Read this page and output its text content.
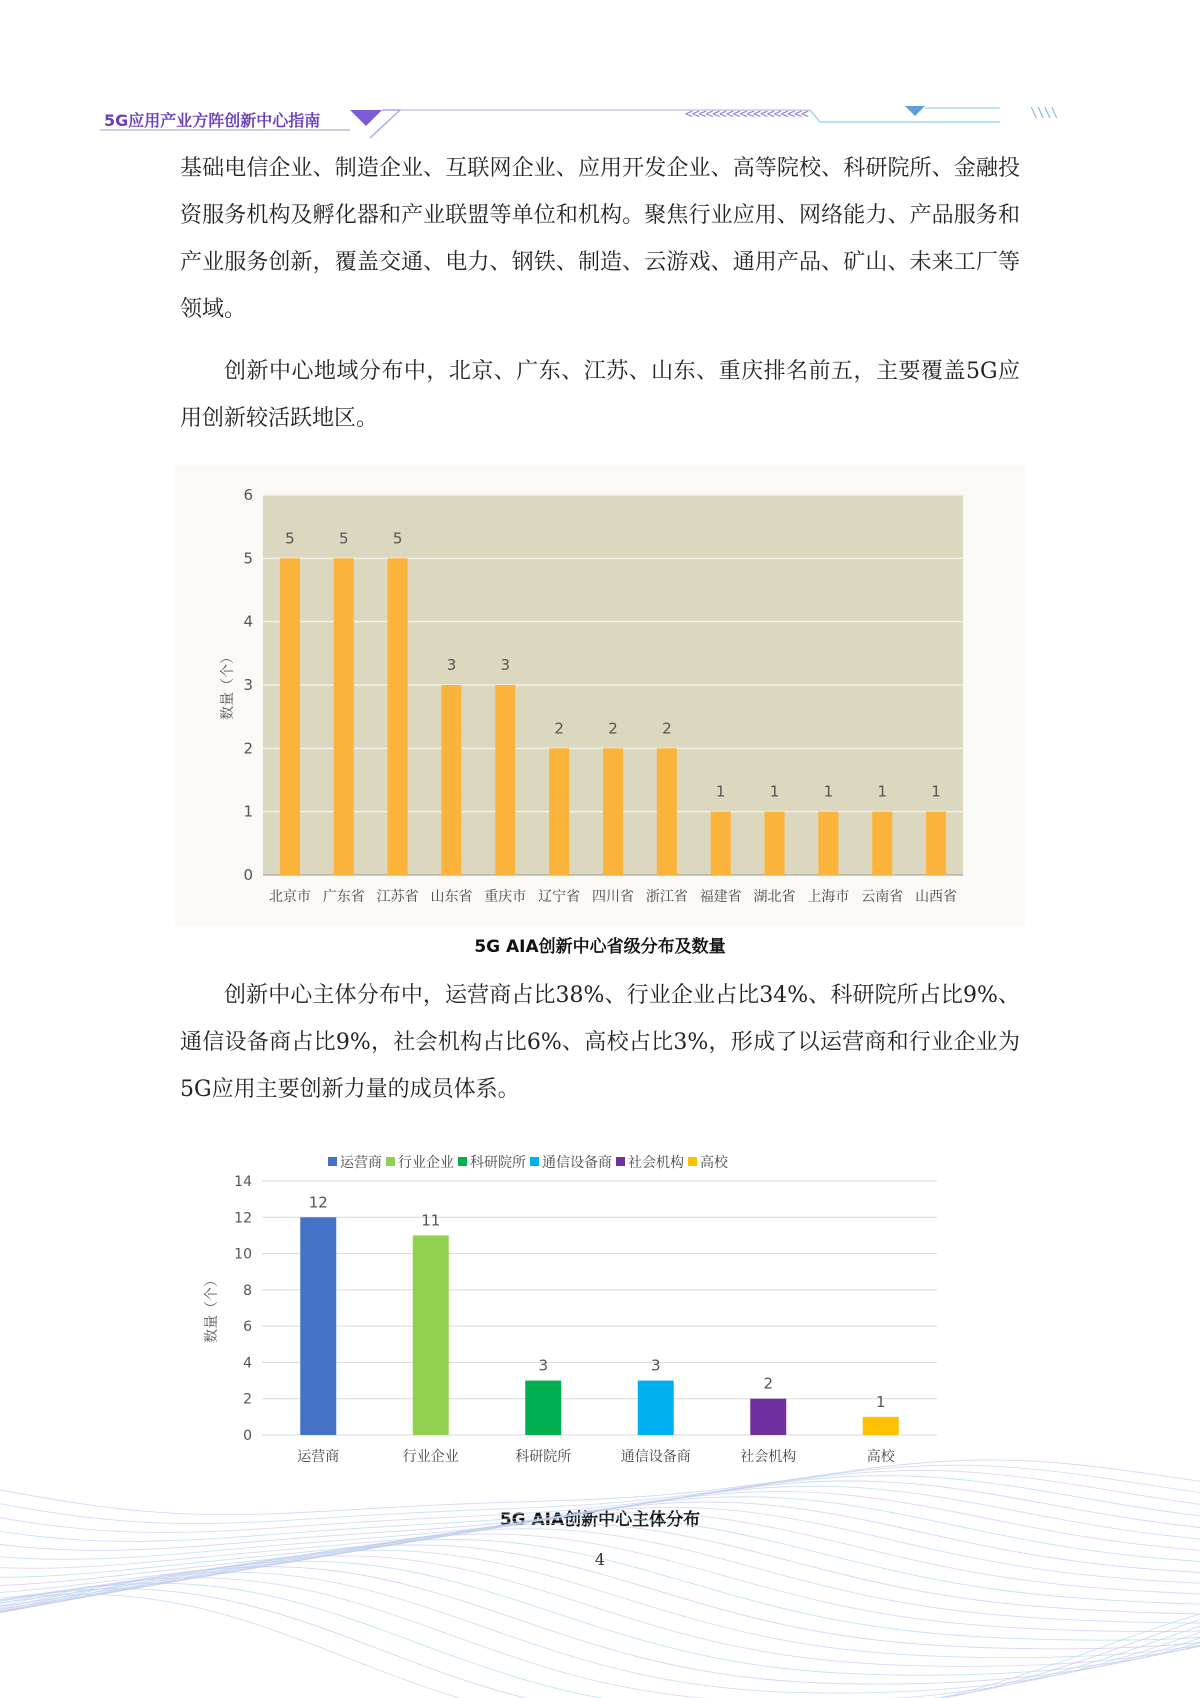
5G应用产业方阵创新中心指南	<<<<<<<<<<<<<<<<<<	\\\\

基础电信企业、制造企业、互联网企业、应用开发企业、高等院校、科研院所、金融投资服务机构及孵化器和产业联盟等单位和机构。聚焦行业应用、网络能力、产品服务和产业服务创新，覆盖交通、电力、钢铁、制造、云游戏、通用产品、矿山、未来工厂等领域。

创新中心地域分布中，北京、广东、江苏、山东、重庆排名前五，主要覆盖5G应用创新较活跃地区。

0
1
2
3
4
5
6
数量（个）
5
北京市
5
广东省
5
江苏省
3
山东省
3
重庆市
2
辽宁省
2
四川省
2
浙江省
1
福建省
1
湖北省
1
上海市
1
云南省
1
山西省
5G AIA创新中心省级分布及数量

创新中心主体分布中，运营商占比38%、行业企业占比34%、科研院所占比9%、通信设备商占比9%，社会机构占比6%、高校占比3%，形成了以运营商和行业企业为5G应用主要创新力量的成员体系。

运营商 行业企业 科研院所 通信设备商 社会机构 高校
0
2
4
6
8
10
12
14
数量（个）
12
运营商
11
行业企业
3
科研院所
3
通信设备商
2
社会机构
1
高校
5G AIA创新中心主体分布
4
